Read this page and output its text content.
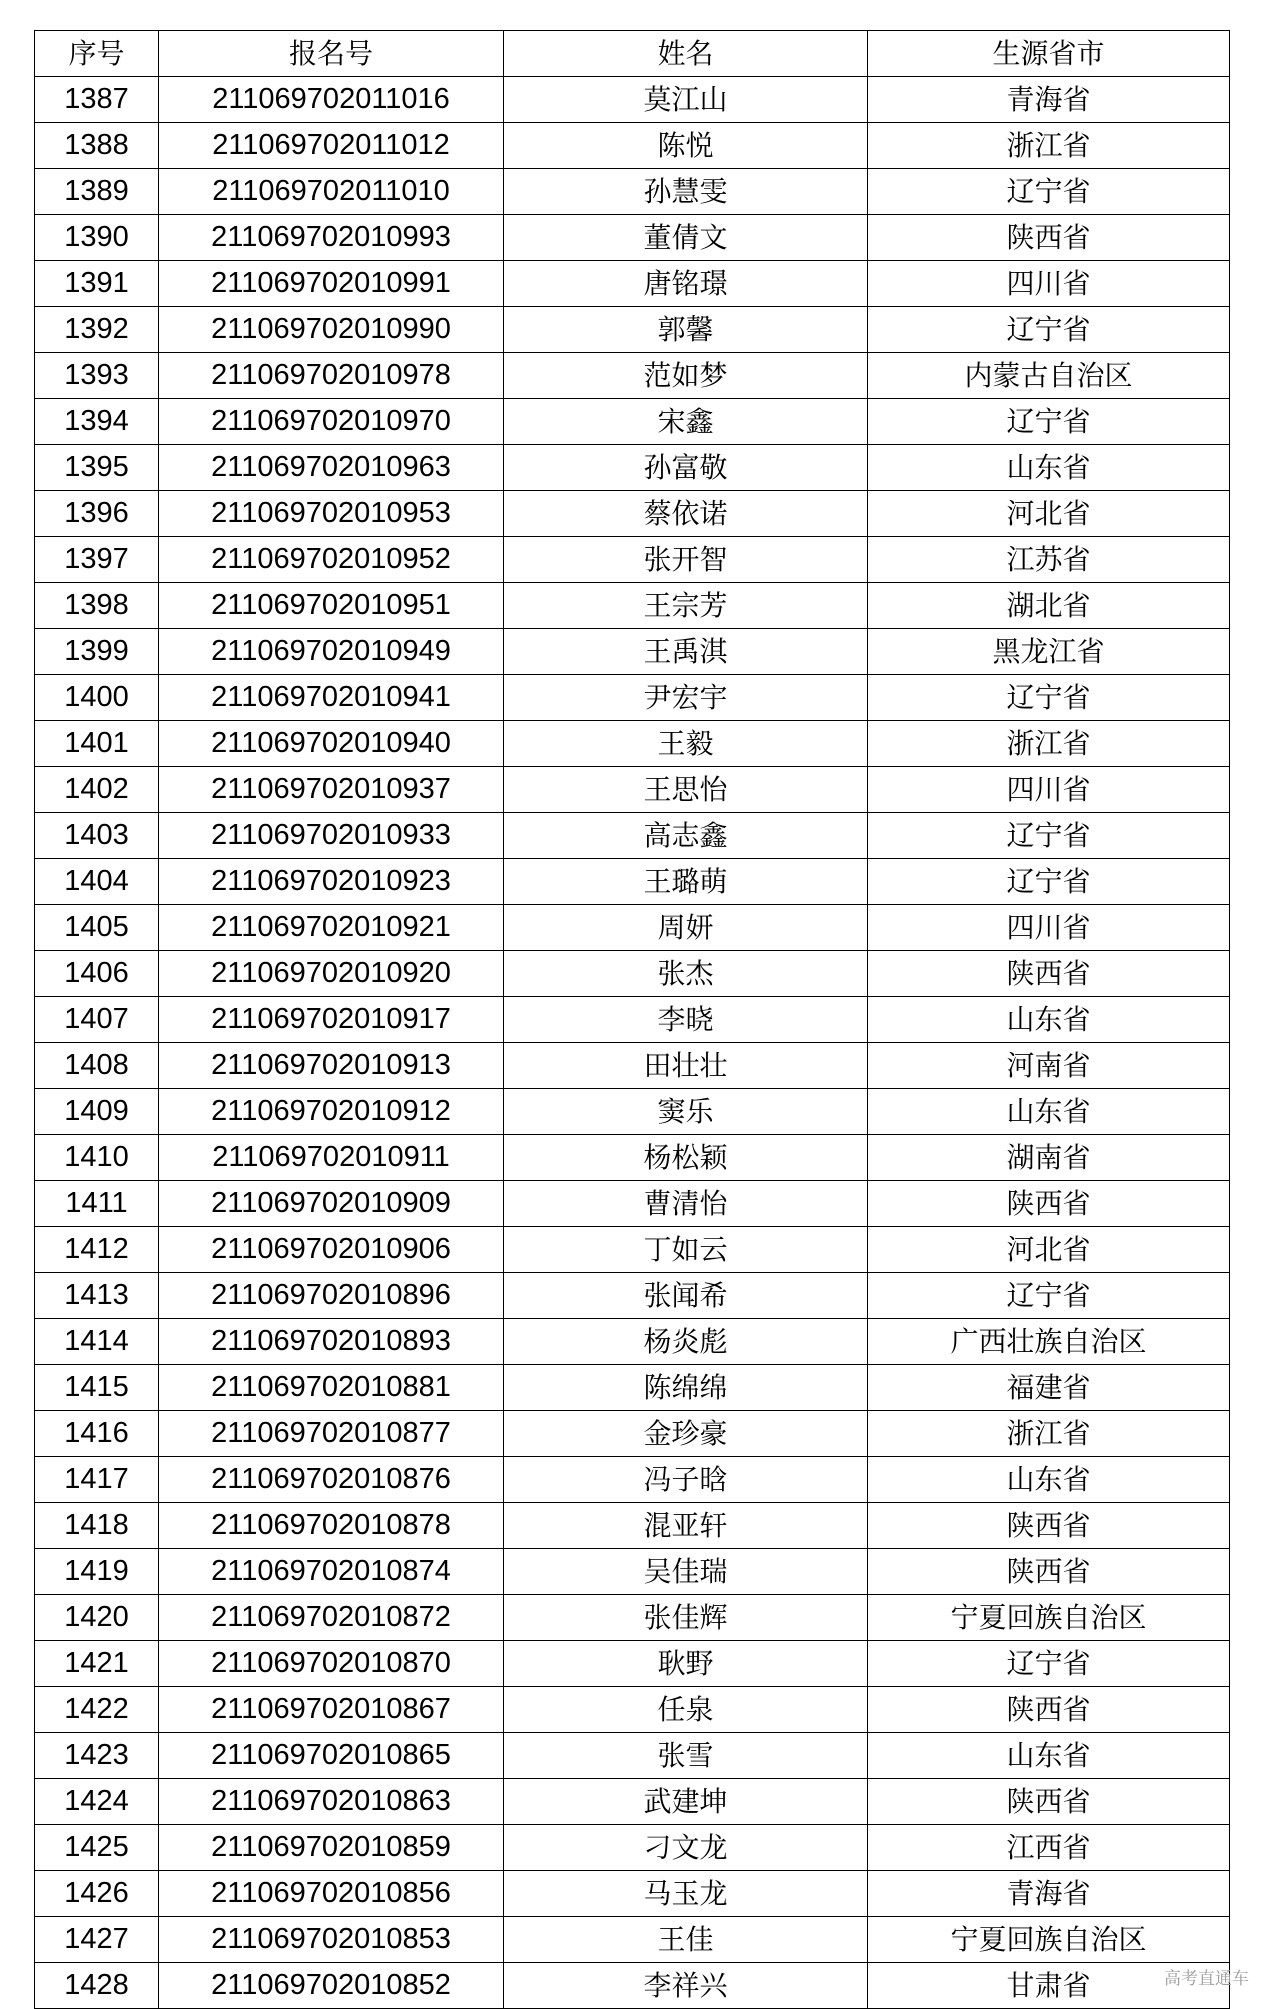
序号	报名号	姓名	生源省市
1387	211069702011016	莫江山	青海省
1388	211069702011012	陈悦	浙江省
1389	211069702011010	孙慧雯	辽宁省
1390	211069702010993	董倩文	陕西省
1391	211069702010991	唐铭璟	四川省
1392	211069702010990	郭馨	辽宁省
1393	211069702010978	范如梦	内蒙古自治区
1394	211069702010970	宋鑫	辽宁省
1395	211069702010963	孙富敬	山东省
1396	211069702010953	蔡依诺	河北省
1397	211069702010952	张开智	江苏省
1398	211069702010951	王宗芳	湖北省
1399	211069702010949	王禹淇	黑龙江省
1400	211069702010941	尹宏宇	辽宁省
1401	211069702010940	王毅	浙江省
1402	211069702010937	王思怡	四川省
1403	211069702010933	高志鑫	辽宁省
1404	211069702010923	王璐萌	辽宁省
1405	211069702010921	周妍	四川省
1406	211069702010920	张杰	陕西省
1407	211069702010917	李晓	山东省
1408	211069702010913	田壮壮	河南省
1409	211069702010912	窦乐	山东省
1410	211069702010911	杨松颖	湖南省
1411	211069702010909	曹清怡	陕西省
1412	211069702010906	丁如云	河北省
1413	211069702010896	张闻希	辽宁省
1414	211069702010893	杨炎彪	广西壮族自治区
1415	211069702010881	陈绵绵	福建省
1416	211069702010877	金珍豪	浙江省
1417	211069702010876	冯子晗	山东省
1418	211069702010878	混亚轩	陕西省
1419	211069702010874	吴佳瑞	陕西省
1420	211069702010872	张佳辉	宁夏回族自治区
1421	211069702010870	耿野	辽宁省
1422	211069702010867	任泉	陕西省
1423	211069702010865	张雪	山东省
1424	211069702010863	武建坤	陕西省
1425	211069702010859	刁文龙	江西省
1426	211069702010856	马玉龙	青海省
1427	211069702010853	王佳	宁夏回族自治区
1428	211069702010852	李祥兴	甘肃省	高考直通车
